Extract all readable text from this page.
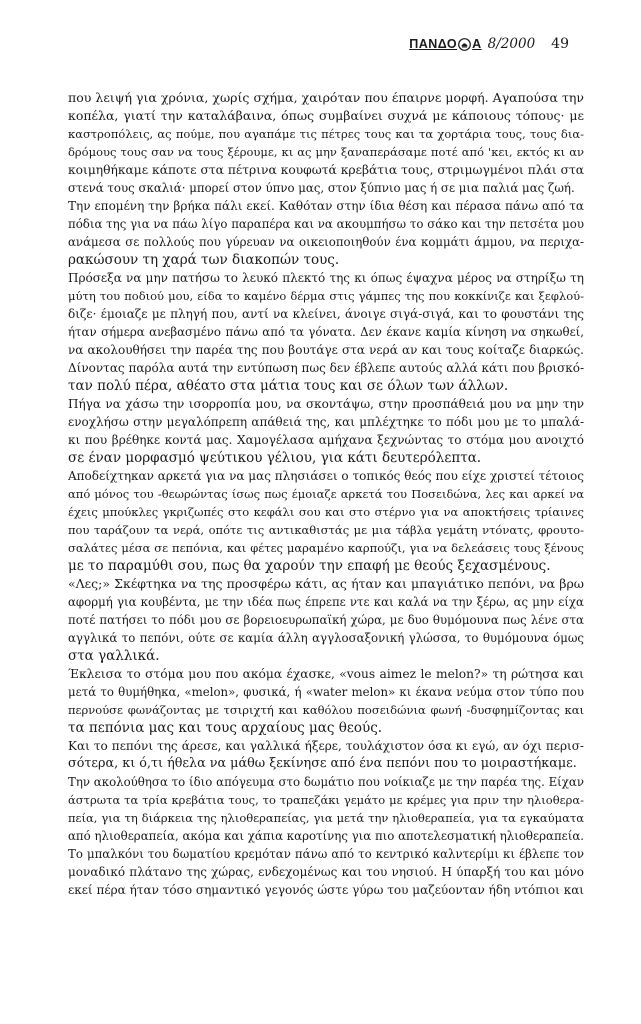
ΠΑΝΔΟ Α 8/2000 49
που λειψή για χρόνια, χωρίς σχήμα, χαιρόταν που έπαιρνε μορφή. Αγαπούσα την
κοπέλα, γιατί την καταλάβαινα, όπως συμβαίνει συχνά με κάποιους τόπους· με
καστροπόλεις, ας πούμε, που αγαπάμε τις πέτρες τους και τα χορτάρια τους, τους δια-
δρόμους τους σαν να τους ξέρουμε, κι ας μην ξαναπεράσαμε ποτέ από 'κει, εκτός κι αν
κοιμηθήκαμε κάποτε στα πέτρινα κουφωτά κρεβάτια τους, στριμωγμένοι πλάι στα
στενά τους σκαλιά· μπορεί στον ύπνο μας, στον ξύπνιο μας ή σε μια παλιά μας ζωή.
Την επομένη την βρήκα πάλι εκεί. Καθόταν στην ίδια θέση και πέρασα πάνω από τα
πόδια της για να πάω λίγο παραπέρα και να ακουμπήσω το σάκο και την πετσέτα μου
ανάμεσα σε πολλούς που γύρευαν να οικειοποιηθούν ένα κομμάτι άμμου, να περιχα-
ρακώσουν τη χαρά των διακοπών τους.
Πρόσεξα να μην πατήσω το λευκό πλεκτό της κι όπως έψαχνα μέρος να στηρίξω τη
μύτη του ποδιού μου, είδα το καμένο δέρμα στις γάμπες της που κοκκίνιζε και ξεφλού-
διζε· έμοιαζε με πληγή που, αντί να κλείνει, άνοιγε σιγά-σιγά, και το φουστάνι της
ήταν σήμερα ανεβασμένο πάνω από τα γόνατα. Δεν έκανε καμία κίνηση να σηκωθεί,
να ακολουθήσει την παρέα της που βουτάγε στα νερά αν και τους κοίταζε διαρκώς.
Δίνοντας παρόλα αυτά την εντύπωση πως δεν έβλεπε αυτούς αλλά κάτι που βρισκό-
ταν πολύ πέρα, αθέατο στα μάτια τους και σε όλων των άλλων.
Πήγα να χάσω την ισορροπία μου, να σκοντάψω, στην προσπάθειά μου να μην την
ενοχλήσω στην μεγαλόπρεπη απάθειά της, και μπλέχτηκε το πόδι μου με το μπαλά-
κι που βρέθηκε κοντά μας. Χαμογέλασα αμήχανα ξεχνώντας το στόμα μου ανοιχτό
σε έναν μορφασμό ψεύτικου γέλιου, για κάτι δευτερόλεπτα.
Αποδείχτηκαν αρκετά για να μας πλησιάσει ο τοπικός θεός που είχε χριστεί τέτοιος
από μόνος του -θεωρώντας ίσως πως έμοιαζε αρκετά του Ποσειδώνα, λες και αρκεί να
έχεις μπούκλες γκριζωπές στο κεφάλι σου και στο στέρνο για να αποκτήσεις τρίαινες
που ταράζουν τα νερά, οπότε τις αντικαθιστάς με μια τάβλα γεμάτη ντόνατς, φρουτο-
σαλάτες μέσα σε πεπόνια, και φέτες μαραμένο καρπούζι, για να δελεάσεις τους ξένους
με το παραμύθι σου, πως θα χαρούν την επαφή με θεούς ξεχασμένους.
«Λες;» Σκέφτηκα να της προσφέρω κάτι, ας ήταν και μπαγιάτικο πεπόνι, να βρω
αφορμή για κουβέντα, με την ιδέα πως έπρεπε ντε και καλά να την ξέρω, ας μην είχα
ποτέ πατήσει το πόδι μου σε βορειοευρωπαϊκή χώρα, με δυο θυμόμουνα πως λένε στα
αγγλικά το πεπόνι, ούτε σε καμία άλλη αγγλοσαξονική γλώσσα, το θυμόμουνα όμως
στα γαλλικά.
Έκλεισα το στόμα μου που ακόμα έχασκε, «vous aimez le melon?» τη ρώτησα και
μετά το θυμήθηκα, «melon», φυσικά, ή «water melon» κι έκανα νεύμα στον τύπο που
περνούσε φωνάζοντας με τσιριχτή και καθόλου ποσειδώνια φωνή -δυσφημίζοντας και
τα πεπόνια μας και τους αρχαίους μας θεούς.
Και το πεπόνι της άρεσε, και γαλλικά ήξερε, τουλάχιστον όσα κι εγώ, αν όχι περισ-
σότερα, κι ό,τι ήθελα να μάθω ξεκίνησε από ένα πεπόνι που το μοιραστήκαμε.
Την ακολούθησα το ίδιο απόγευμα στο δωμάτιο που νοίκιαζε με την παρέα της. Είχαν
άστρωτα τα τρία κρεβάτια τους, το τραπεζάκι γεμάτο με κρέμες για πριν την ηλιοθερα-
πεία, για τη διάρκεια της ηλιοθεραπείας, για μετά την ηλιοθεραπεία, για τα εγκαύματα
από ηλιοθεραπεία, ακόμα και χάπια καροτίνης για πιο αποτελεσματική ηλιοθεραπεία.
Το μπαλκόνι του δωματίου κρεμόταν πάνω από το κεντρικό καλντερίμι κι έβλεπε τον
μοναδικό πλάτανο της χώρας, ενδεχομένως και του νησιού. Η ύπαρξή του και μόνο
εκεί πέρα ήταν τόσο σημαντικό γεγονός ώστε γύρω του μαζεύονταν ήδη ντόπιοι και
